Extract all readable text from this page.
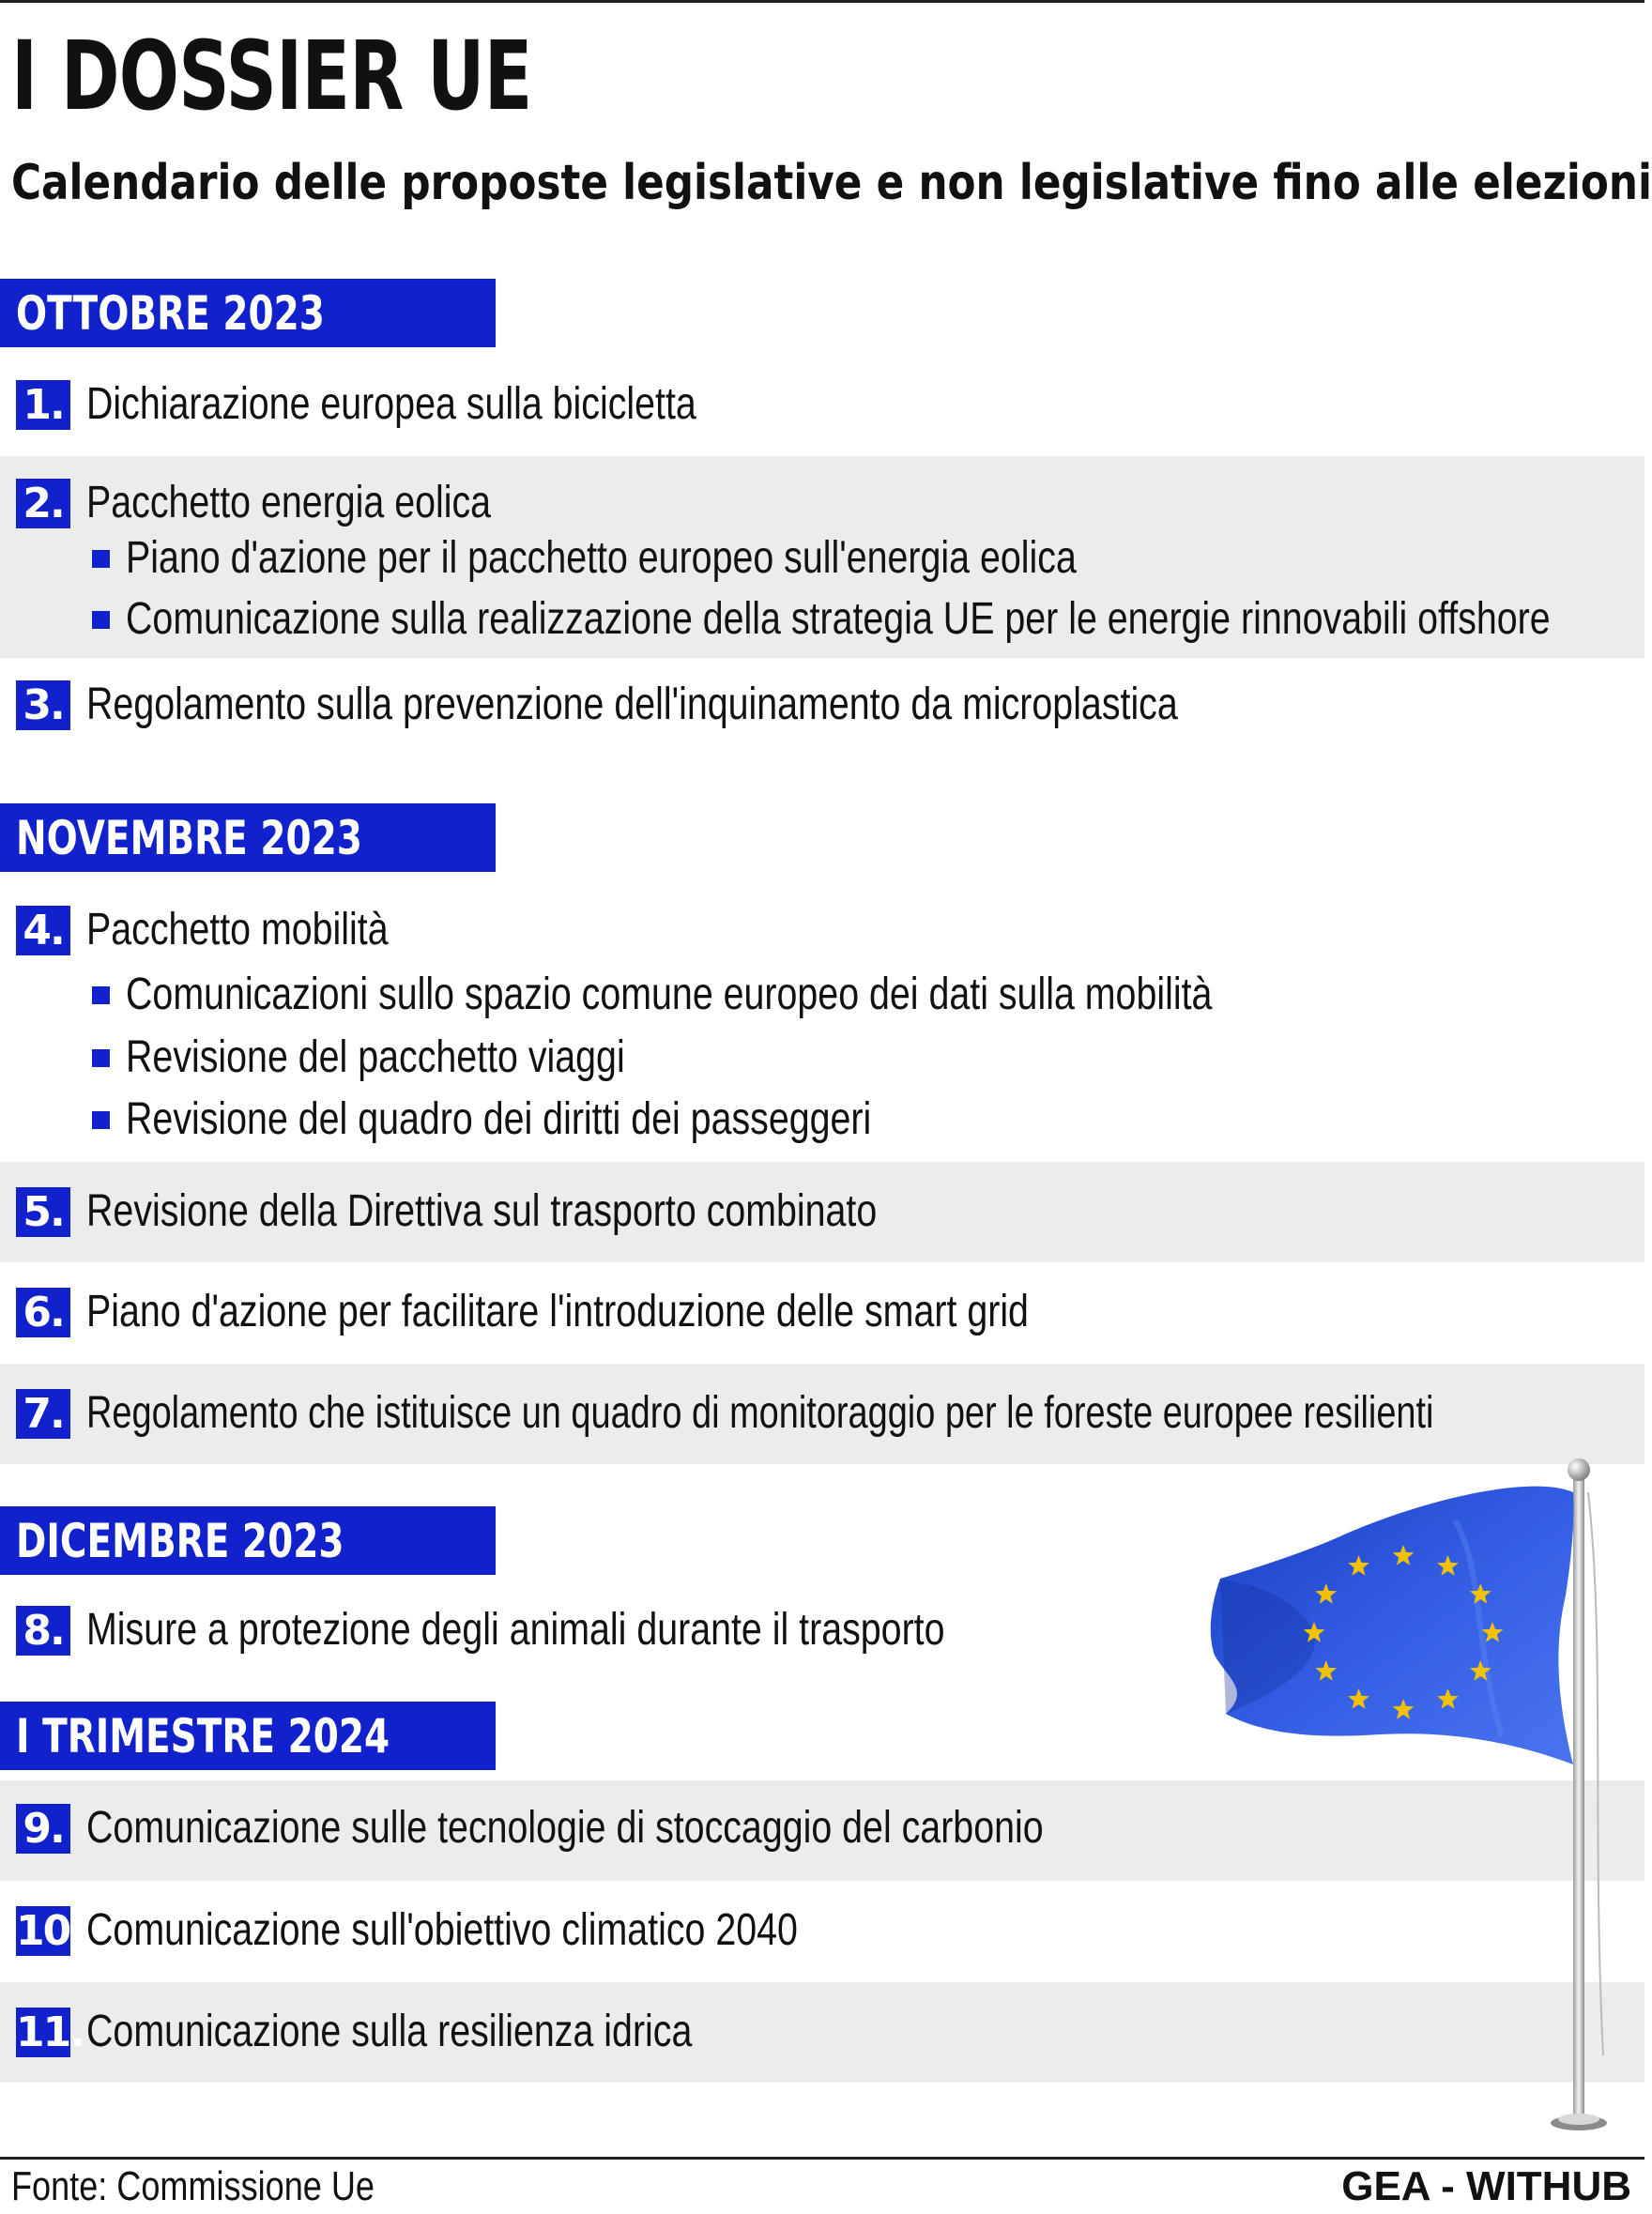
I DOSSIER UE

Calendario delle proposte legislative e non legislative fino alle elezioni

OTTOBRE 2023
NOVEMBRE 2023
DICEMBRE 2023
I TRIMESTRE 2024
1. Dichiarazione europea sulla bicicletta
2. Pacchetto energia eolica
Piano d'azione per il pacchetto europeo sull'energia eolica
Comunicazione sulla realizzazione della strategia UE per le energie rinnovabili offshore
3. Regolamento sulla prevenzione dell'inquinamento da microplastica
4. Pacchetto mobilità
Comunicazioni sullo spazio comune europeo dei dati sulla mobilità
Revisione del pacchetto viaggi
Revisione del quadro dei diritti dei passeggeri
5. Revisione della Direttiva sul trasporto combinato
6. Piano d'azione per facilitare l'introduzione delle smart grid
7. Regolamento che istituisce un quadro di monitoraggio per le foreste europee resilienti
8. Misure a protezione degli animali durante il trasporto
9. Comunicazione sulle tecnologie di stoccaggio del carbonio
10. Comunicazione sull'obiettivo climatico 2040
11. Comunicazione sulla resilienza idrica
Fonte: Commissione Ue	GEA - WITHUB
